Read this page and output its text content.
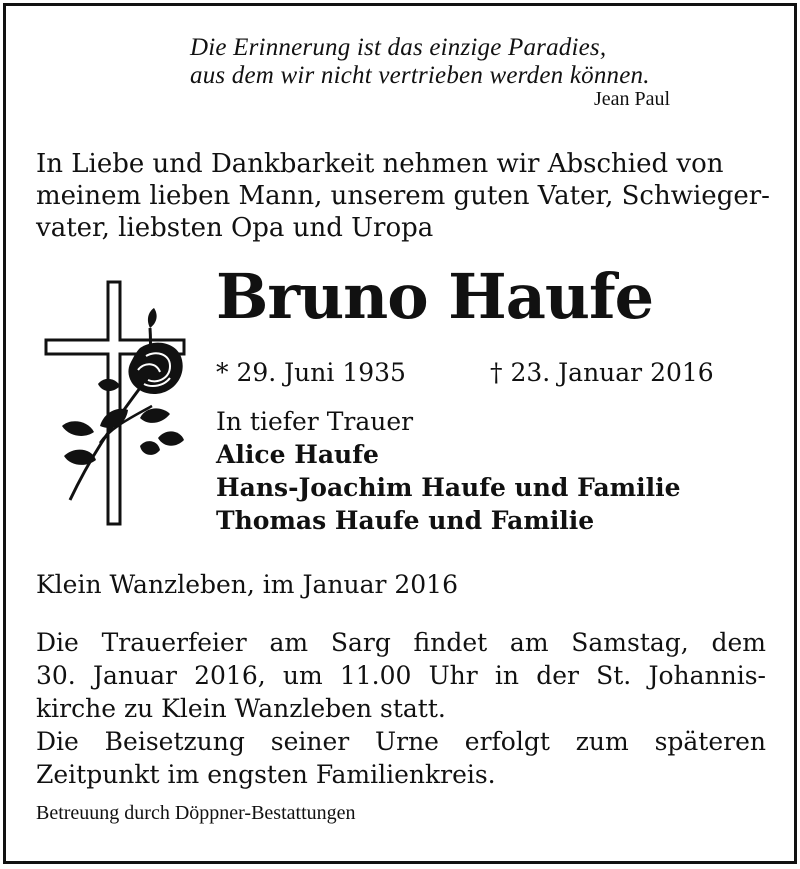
Die Erinnerung ist das einzige Paradies,
aus dem wir nicht vertrieben werden können.
Jean Paul
In Liebe und Dankbarkeit nehmen wir Abschied von
meinem lieben Mann, unserem guten Vater, Schwieger-
vater, liebsten Opa und Uropa
Bruno Haufe
* 29. Juni 1935	† 23. Januar 2016
In tiefer Trauer
Alice Haufe
Hans-Joachim Haufe und Familie
Thomas Haufe und Familie
Klein Wanzleben, im Januar 2016
Die Trauerfeier am Sarg findet am Samstag, dem
30. Januar 2016, um 11.00 Uhr in der St. Johannis-
kirche zu Klein Wanzleben statt.
Die Beisetzung seiner Urne erfolgt zum späteren
Zeitpunkt im engsten Familienkreis.
Betreuung durch Döppner-Bestattungen
